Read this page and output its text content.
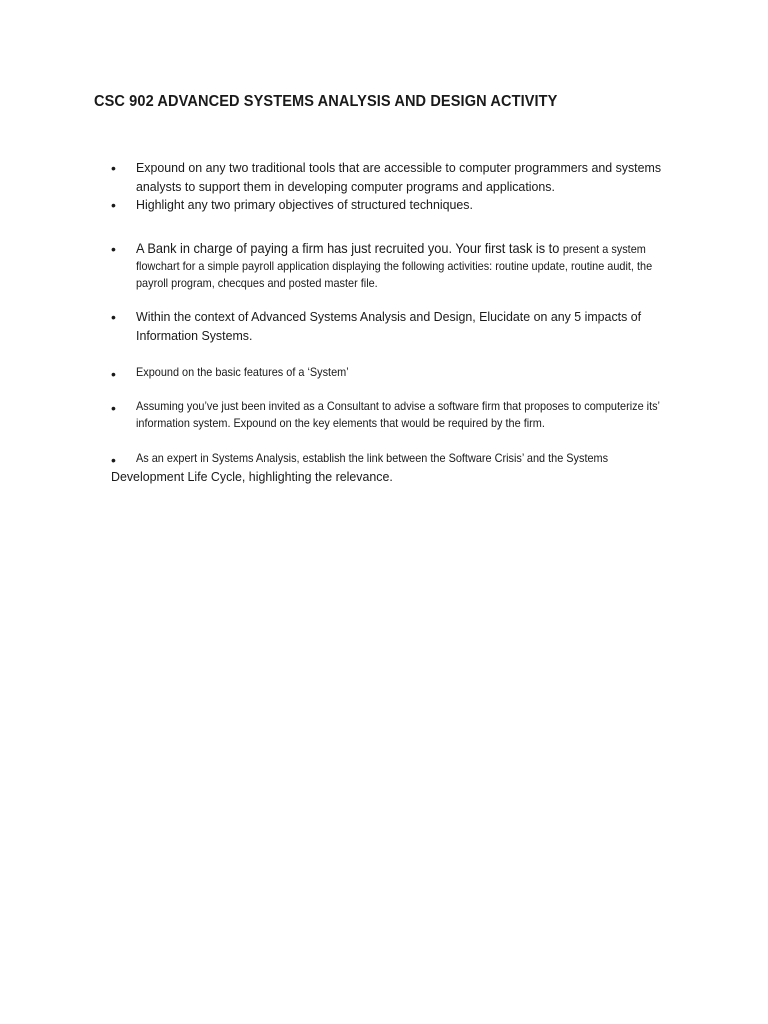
CSC 902 ADVANCED SYSTEMS ANALYSIS AND DESIGN ACTIVITY
• Expound on any two traditional tools that are accessible to computer programmers and systems
analysts to support them in developing computer programs and applications.
• Highlight any two primary objectives of structured techniques.
• A Bank in charge of paying a firm has just recruited you. Your first task is to present a system
flowchart for a simple payroll application displaying the following activities: routine update, routine audit, the
payroll program, checques and posted master file.
• Within the context of Advanced Systems Analysis and Design, Elucidate on any 5 impacts of
Information Systems.
• Expound on the basic features of a ‘System’
• Assuming you’ve just been invited as a Consultant to advise a software firm that proposes to computerize its’
information system. Expound on the key elements that would be required by the firm.
• As an expert in Systems Analysis, establish the link between the Software Crisis’ and the Systems
Development Life Cycle, highlighting the relevance.
